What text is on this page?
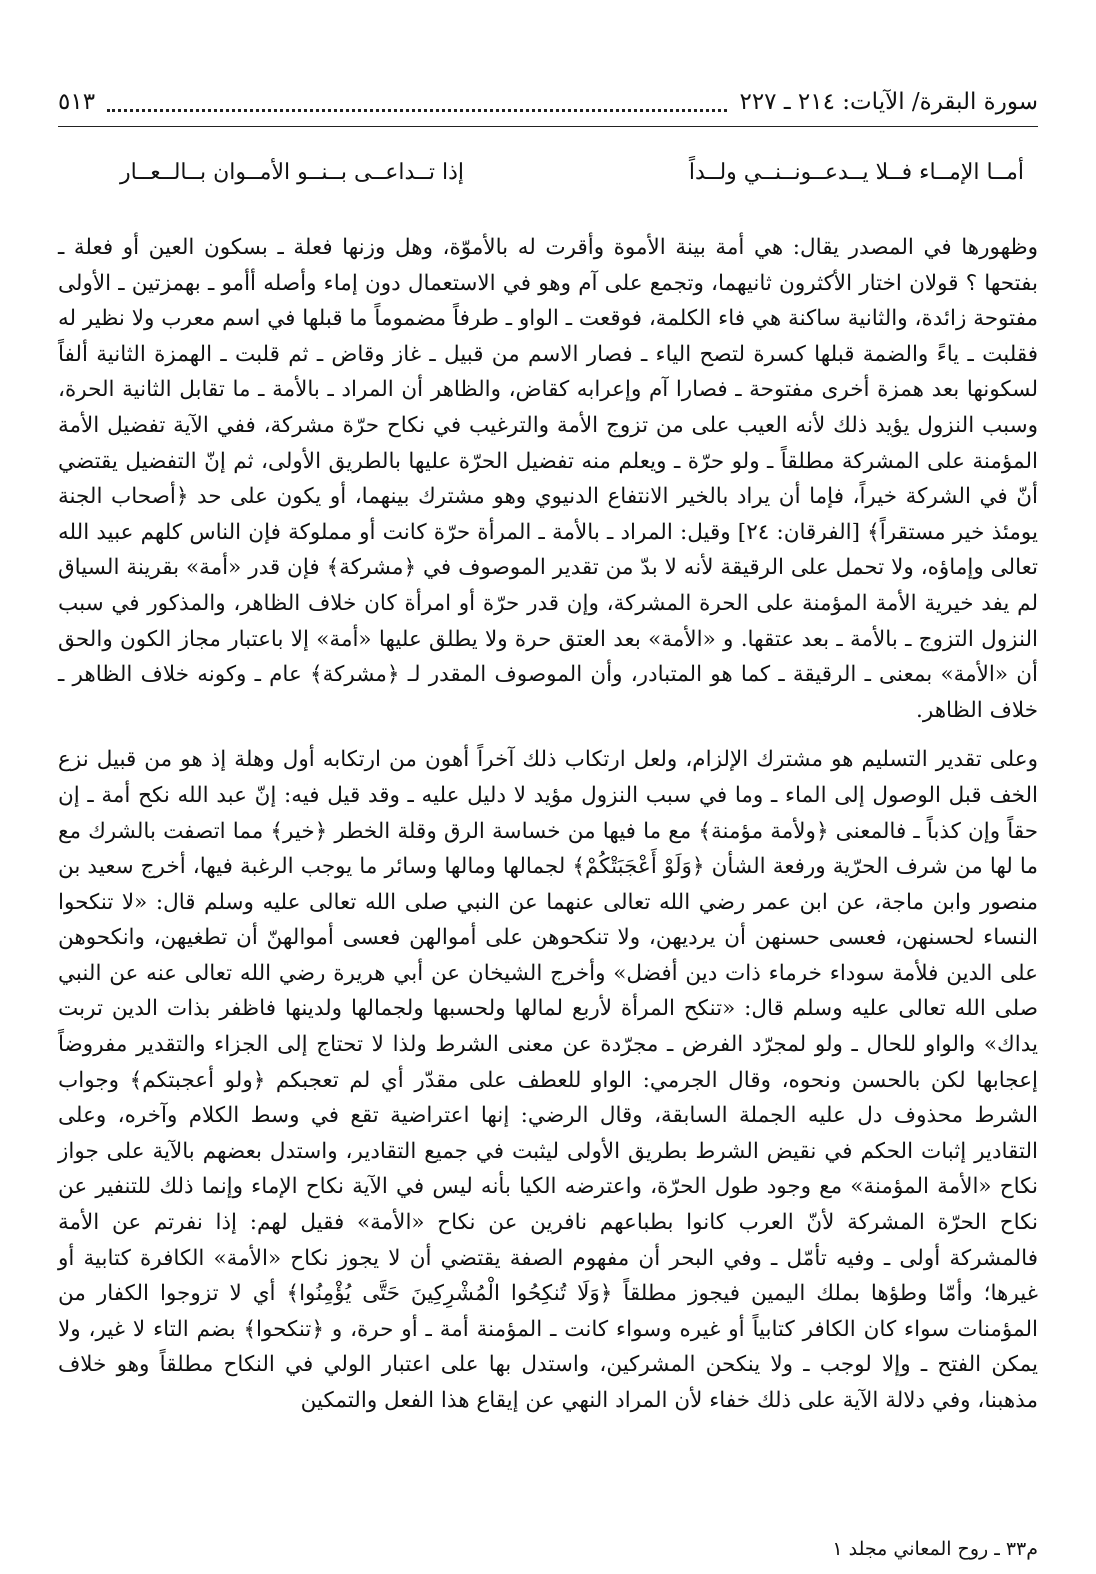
سورة البقرة/ الآيات: ٢١٤ ـ ٢٢٧
٥١٣
أمــا الإمــاء فــلا يــدعــونــنــي ولــداً
إذا تــداعــى بــنــو الأمــوان بــالــعــار

وظهورها في المصدر يقال: هي أمة بينة الأموة وأقرت له بالأموّة، وهل وزنها فعلة ـ بسكون العين أو فعلة ـ بفتحها ؟ قولان اختار الأكثرون ثانيهما، وتجمع على آم وهو في الاستعمال دون إماء وأصله أأمو ـ بهمزتين ـ الأولى مفتوحة زائدة، والثانية ساكنة هي فاء الكلمة، فوقعت ـ الواو ـ طرفاً مضموماً ما قبلها في اسم معرب ولا نظير له فقلبت ـ ياءً والضمة قبلها كسرة لتصح الياء ـ فصار الاسم من قبيل ـ غاز وقاض ـ ثم قلبت ـ الهمزة الثانية ألفاً لسكونها بعد همزة أخرى مفتوحة ـ فصارا آم وإعرابه كقاض، والظاهر أن المراد ـ بالأمة ـ ما تقابل الثانية الحرة، وسبب النزول يؤيد ذلك لأنه العيب على من تزوج الأمة والترغيب في نكاح حرّة مشركة، ففي الآية تفضيل الأمة المؤمنة على المشركة مطلقاً ـ ولو حرّة ـ ويعلم منه تفضيل الحرّة عليها بالطريق الأولى، ثم إنّ التفضيل يقتضي أنّ في الشركة خيراً، فإما أن يراد بالخير الانتفاع الدنيوي وهو مشترك بينهما، أو يكون على حد ﴿أصحاب الجنة يومئذ خير مستقراً﴾ [الفرقان: ٢٤] وقيل: المراد ـ بالأمة ـ المرأة حرّة كانت أو مملوكة فإن الناس كلهم عبيد الله تعالى وإماؤه، ولا تحمل على الرقيقة لأنه لا بدّ من تقدير الموصوف في ﴿مشركة﴾ فإن قدر «أمة» بقرينة السياق لم يفد خيرية الأمة المؤمنة على الحرة المشركة، وإن قدر حرّة أو امرأة كان خلاف الظاهر، والمذكور في سبب النزول التزوج ـ بالأمة ـ بعد عتقها. و «الأمة» بعد العتق حرة ولا يطلق عليها «أمة» إلا باعتبار مجاز الكون والحق أن «الأمة» بمعنى ـ الرقيقة ـ كما هو المتبادر، وأن الموصوف المقدر لـ ﴿مشركة﴾ عام ـ وكونه خلاف الظاهر ـ خلاف الظاهر.

وعلى تقدير التسليم هو مشترك الإلزام، ولعل ارتكاب ذلك آخراً أهون من ارتكابه أول وهلة إذ هو من قبيل نزع الخف قبل الوصول إلى الماء ـ وما في سبب النزول مؤيد لا دليل عليه ـ وقد قيل فيه: إنّ عبد الله نكح أمة ـ إن حقاً وإن كذباً ـ فالمعنى ﴿ولأمة مؤمنة﴾ مع ما فيها من خساسة الرق وقلة الخطر ﴿خير﴾ مما اتصفت بالشرك مع ما لها من شرف الحرّية ورفعة الشأن ﴿وَلَوْ أَعْجَبَتْكُمْ﴾ لجمالها ومالها وسائر ما يوجب الرغبة فيها، أخرج سعيد بن منصور وابن ماجة، عن ابن عمر رضي الله تعالى عنهما عن النبي صلى الله تعالى عليه وسلم قال: «لا تنكحوا النساء لحسنهن، فعسى حسنهن أن يرديهن، ولا تنكحوهن على أموالهن فعسى أموالهنّ أن تطغيهن، وانكحوهن على الدين فلأمة سوداء خرماء ذات دين أفضل» وأخرج الشيخان عن أبي هريرة رضي الله تعالى عنه عن النبي صلى الله تعالى عليه وسلم قال: «تنكح المرأة لأربع لمالها ولحسبها ولجمالها ولدينها فاظفر بذات الدين تربت يداك» والواو للحال ـ ولو لمجرّد الفرض ـ مجرّدة عن معنى الشرط ولذا لا تحتاج إلى الجزاء والتقدير مفروضاً إعجابها لكن بالحسن ونحوه، وقال الجرمي: الواو للعطف على مقدّر أي لم تعجبكم ﴿ولو أعجبتكم﴾ وجواب الشرط محذوف دل عليه الجملة السابقة، وقال الرضي: إنها اعتراضية تقع في وسط الكلام وآخره، وعلى التقادير إثبات الحكم في نقيض الشرط بطريق الأولى ليثبت في جميع التقادير، واستدل بعضهم بالآية على جواز نكاح «الأمة المؤمنة» مع وجود طول الحرّة، واعترضه الكيا بأنه ليس في الآية نكاح الإماء وإنما ذلك للتنفير عن نكاح الحرّة المشركة لأنّ العرب كانوا بطباعهم نافرين عن نكاح «الأمة» فقيل لهم: إذا نفرتم عن الأمة فالمشركة أولى ـ وفيه تأمّل ـ وفي البحر أن مفهوم الصفة يقتضي أن لا يجوز نكاح «الأمة» الكافرة كتابية أو غيرها؛ وأمّا وطؤها بملك اليمين فيجوز مطلقاً ﴿وَلَا تُنكِحُوا الْمُشْرِكِينَ حَتَّى يُؤْمِنُوا﴾ أي لا تزوجوا الكفار من المؤمنات سواء كان الكافر كتابياً أو غيره وسواء كانت ـ المؤمنة أمة ـ أو حرة، و ﴿تنكحوا﴾ بضم التاء لا غير، ولا يمكن الفتح ـ وإلا لوجب ـ ولا ينكحن المشركين، واستدل بها على اعتبار الولي في النكاح مطلقاً وهو خلاف مذهبنا، وفي دلالة الآية على ذلك خفاء لأن المراد النهي عن إيقاع هذا الفعل والتمكين

م٣٣ ـ روح المعاني مجلد ١
